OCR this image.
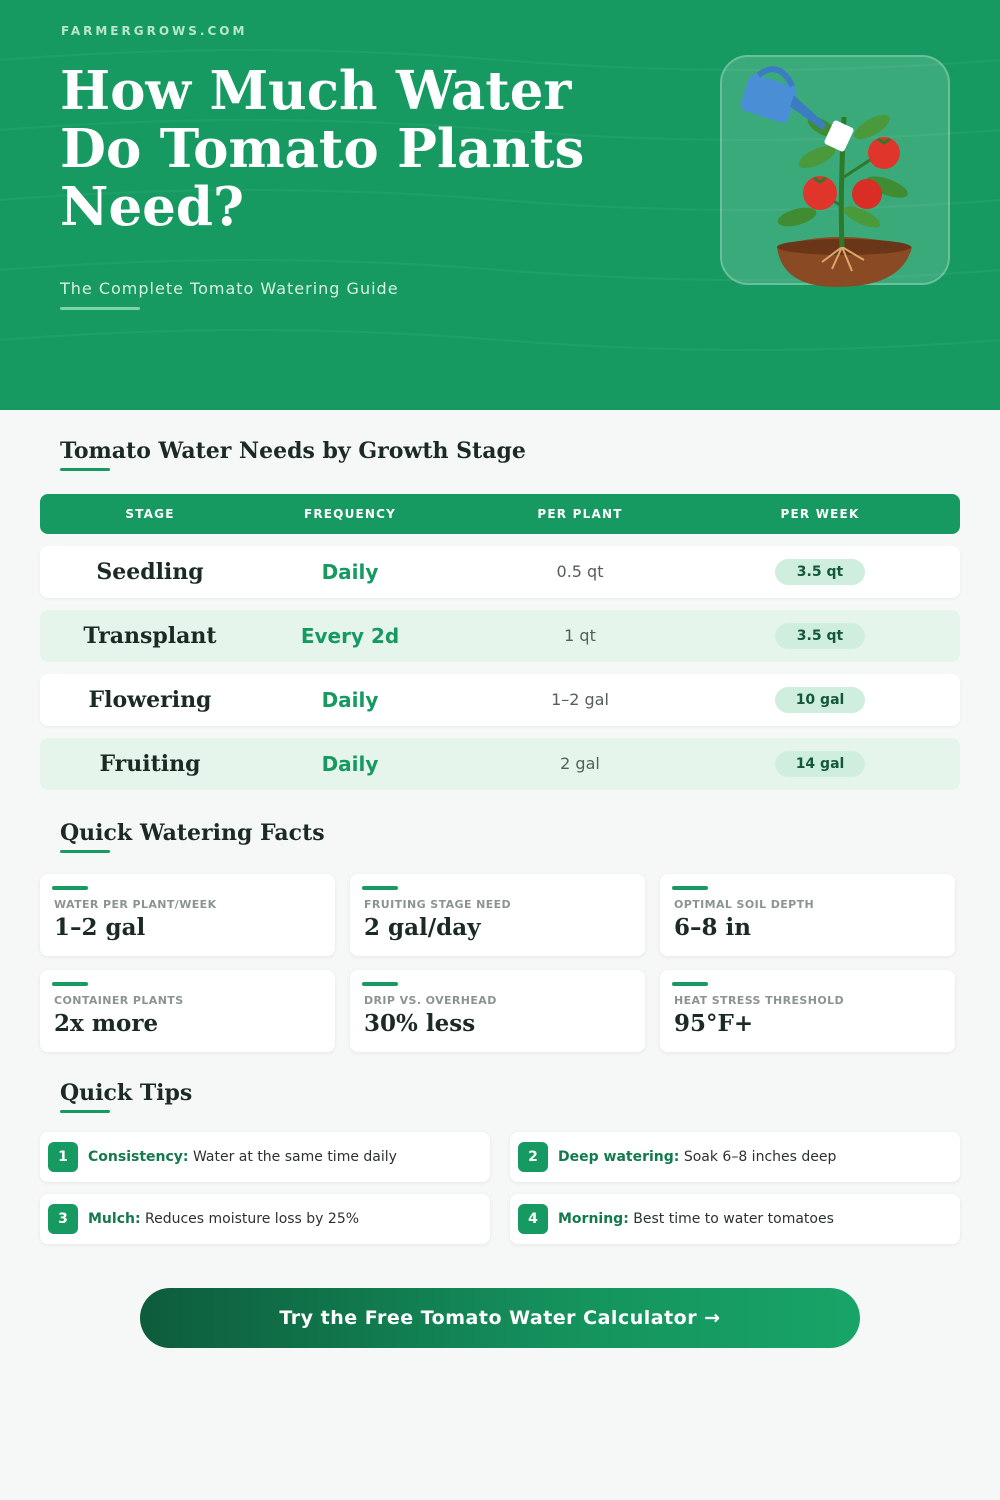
FARMERGROWS.COM
How Much Water Do Tomato Plants Need?
The Complete Tomato Watering Guide
Tomato Water Needs by Growth Stage
STAGE	FREQUENCY	PER PLANT	PER WEEK
Seedling	Daily	0.5 qt	3.5 qt
Transplant	Every 2d	1 qt	3.5 qt
Flowering	Daily	1–2 gal	10 gal
Fruiting	Daily	2 gal	14 gal
Quick Watering Facts
WATER PER PLANT/WEEK
1–2 gal
FRUITING STAGE NEED
2 gal/day
OPTIMAL SOIL DEPTH
6–8 in
CONTAINER PLANTS
2x more
DRIP VS. OVERHEAD
30% less
HEAT STRESS THRESHOLD
95°F+
Quick Tips
1	Consistency: Water at the same time daily	2	Deep watering: Soak 6–8 inches deep
3	Mulch: Reduces moisture loss by 25%	4	Morning: Best time to water tomatoes
Try the Free Tomato Water Calculator →
